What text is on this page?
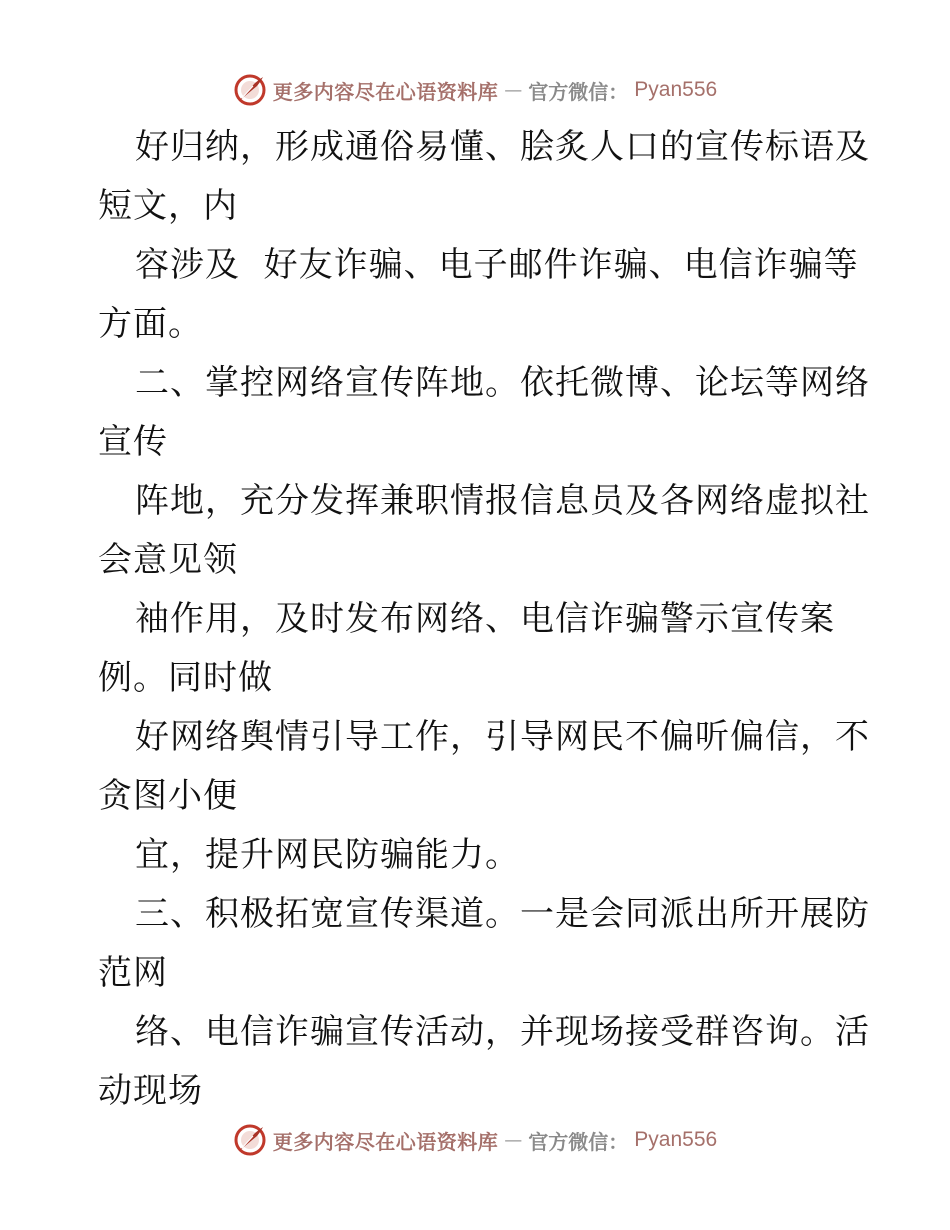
更多内容尽在心语资料库 — 官方微信： Pyan556
好归纳，形成通俗易懂、脍炙人口的宣传标语及
短文，内
容涉及  好友诈骗、电子邮件诈骗、电信诈骗等
方面。
二、掌控网络宣传阵地。依托微博、论坛等网络
宣传
阵地，充分发挥兼职情报信息员及各网络虚拟社
会意见领
袖作用，及时发布网络、电信诈骗警示宣传案
例。同时做
好网络舆情引导工作，引导网民不偏听偏信，不
贪图小便
宜，提升网民防骗能力。
三、积极拓宽宣传渠道。一是会同派出所开展防
范网
络、电信诈骗宣传活动，并现场接受群咨询。活
动现场
更多内容尽在心语资料库 — 官方微信： Pyan556
